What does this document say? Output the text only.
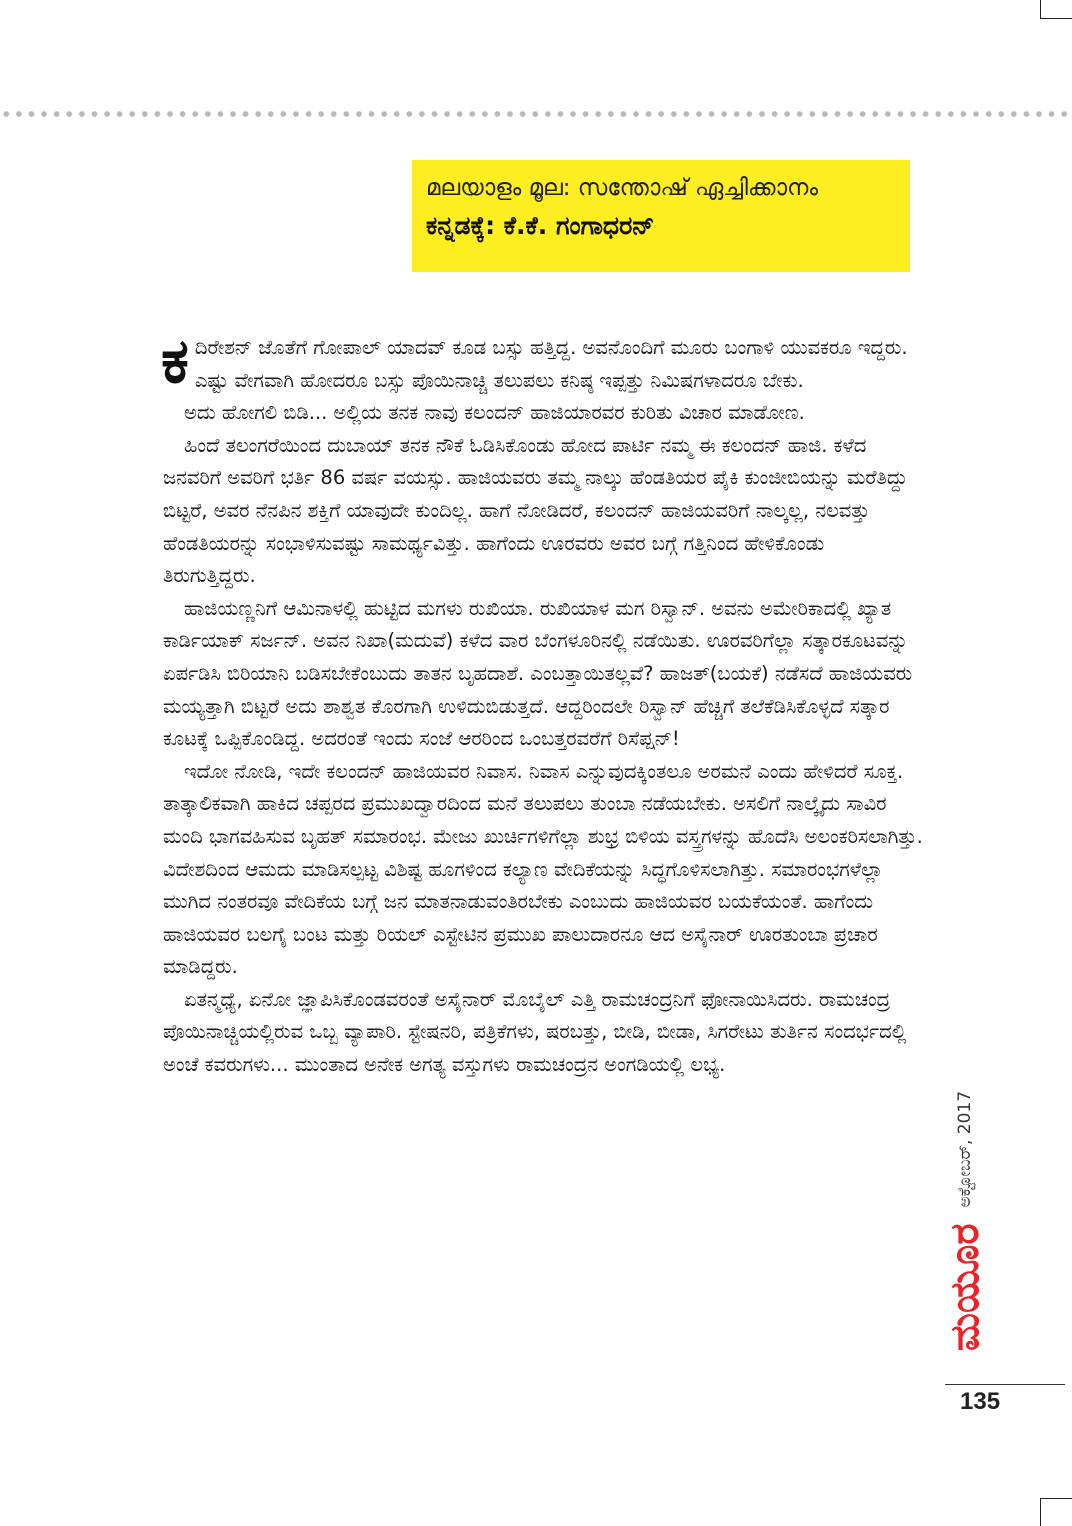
മലയാളം മൂല: സന്തോഷ് ഏച്ചിക്കാനം
ಕನ್ನಡಕ್ಕೆ: ಕೆ.ಕೆ. ಗಂಗಾಧರನ್

ಕದಿರೇಶನ್ ಜೊತೆಗೆ ಗೋಪಾಲ್ ಯಾದವ್ ಕೂಡ ಬಸ್ಸು ಹತ್ತಿದ್ದ. ಅವನೊಂದಿಗೆ ಮೂರು ಬಂಗಾಳಿ ಯುವಕರೂ ಇದ್ದರು. ಎಷ್ಟು ವೇಗವಾಗಿ ಹೋದರೂ ಬಸ್ಸು ಪೊಯಿನಾಚ್ಚಿ ತಲುಪಲು ಕನಿಷ್ಠ ಇಪ್ಪತ್ತು ನಿಮಿಷಗಳಾದರೂ ಬೇಕು.

ಅದು ಹೋಗಲಿ ಬಿಡಿ... ಅಲ್ಲಿಯ ತನಕ ನಾವು ಕಲಂದನ್ ಹಾಜಿಯಾರವರ ಕುರಿತು ವಿಚಾರ ಮಾಡೋಣ.

ಹಿಂದೆ ತಲಂಗರೆಯಿಂದ ದುಬಾಯ್ ತನಕ ನೌಕೆ ಓಡಿಸಿಕೊಂಡು ಹೋದ ಪಾರ್ಟಿ ನಮ್ಮ ಈ ಕಲಂದನ್ ಹಾಜಿ. ಕಳೆದ ಜನವರಿಗೆ ಅವರಿಗೆ ಭರ್ತಿ 86 ವರ್ಷ ವಯಸ್ಸು. ಹಾಜಿಯವರು ತಮ್ಮ ನಾಲ್ಕು ಹೆಂಡತಿಯರ ಪೈಕಿ ಕುಂಜೀಬಿಯನ್ನು ಮರೆತಿದ್ದು ಬಿಟ್ಟರೆ, ಅವರ ನೆನಪಿನ ಶಕ್ತಿಗೆ ಯಾವುದೇ ಕುಂದಿಲ್ಲ. ಹಾಗೆ ನೋಡಿದರೆ, ಕಲಂದನ್ ಹಾಜಿಯವರಿಗೆ ನಾಲ್ಕಲ್ಲ, ನಲವತ್ತು ಹೆಂಡತಿಯರನ್ನು ಸಂಭಾಳಿಸುವಷ್ಟು ಸಾಮರ್ಥ್ಯವಿತ್ತು. ಹಾಗೆಂದು ಊರವರು ಅವರ ಬಗ್ಗೆ ಗತ್ತಿನಿಂದ ಹೇಳಿಕೊಂಡು ತಿರುಗುತ್ತಿದ್ದರು.

ಹಾಜಿಯಣ್ಣನಿಗೆ ಆಮಿನಾಳಲ್ಲಿ ಹುಟ್ಟಿದ ಮಗಳು ರುಖಿಯಾ. ರುಖಿಯಾಳ ಮಗ ರಿಸ್ವಾನ್. ಅವನು ಅಮೇರಿಕಾದಲ್ಲಿ ಖ್ಯಾತ ಕಾರ್ಡಿಯಾಕ್ ಸರ್ಜನ್. ಅವನ ನಿಖಾ(ಮದುವೆ) ಕಳೆದ ವಾರ ಬೆಂಗಳೂರಿನಲ್ಲಿ ನಡೆಯಿತು. ಊರವರಿಗೆಲ್ಲಾ ಸತ್ಕಾರಕೂಟವನ್ನು ಏರ್ಪಡಿಸಿ ಬಿರಿಯಾನಿ ಬಡಿಸಬೇಕೆಂಬುದು ತಾತನ ಬೃಹದಾಶೆ. ಎಂಬತ್ತಾಯಿತಲ್ಲವೆ? ಹಾಜತ್(ಬಯಕೆ) ನಡೆಸದೆ ಹಾಜಿಯವರು ಮಯ್ಯತ್ತಾಗಿ ಬಿಟ್ಟರೆ ಅದು ಶಾಶ್ವತ ಕೊರಗಾಗಿ ಉಳಿದುಬಿಡುತ್ತದೆ. ಆದ್ದರಿಂದಲೇ ರಿಸ್ವಾನ್ ಹೆಚ್ಚಿಗೆ ತಲೆಕೆಡಿಸಿಕೊಳ್ಳದೆ ಸತ್ಕಾರ ಕೂಟಕ್ಕೆ ಒಪ್ಪಿಕೊಂಡಿದ್ದ. ಅದರಂತೆ ಇಂದು ಸಂಜೆ ಆರರಿಂದ ಒಂಬತ್ತರವರೆಗೆ ರಿಸೆಪ್ಷನ್!

ಇದೋ ನೋಡಿ, ಇದೇ ಕಲಂದನ್ ಹಾಜಿಯವರ ನಿವಾಸ. ನಿವಾಸ ಎನ್ನುವುದಕ್ಕಿಂತಲೂ ಅರಮನೆ ಎಂದು ಹೇಳಿದರೆ ಸೂಕ್ತ. ತಾತ್ಕಾಲಿಕವಾಗಿ ಹಾಕಿದ ಚಪ್ಪರದ ಪ್ರಮುಖದ್ವಾರದಿಂದ ಮನೆ ತಲುಪಲು ತುಂಬಾ ನಡೆಯಬೇಕು. ಅಸಲಿಗೆ ನಾಲ್ಕೈದು ಸಾವಿರ ಮಂದಿ ಭಾಗವಹಿಸುವ ಬೃಹತ್ ಸಮಾರಂಭ. ಮೇಜು ಖುರ್ಚಿಗಳಿಗೆಲ್ಲಾ ಶುಭ್ರ ಬಿಳಿಯ ವಸ್ತ್ರಗಳನ್ನು ಹೊದೆಸಿ ಅಲಂಕರಿಸಲಾಗಿತ್ತು. ವಿದೇಶದಿಂದ ಆಮದು ಮಾಡಿಸಲ್ಪಟ್ಟ ವಿಶಿಷ್ಟ ಹೂಗಳಿಂದ ಕಲ್ಯಾಣ ವೇದಿಕೆಯನ್ನು ಸಿದ್ಧಗೊಳಿಸಲಾಗಿತ್ತು. ಸಮಾರಂಭಗಳೆಲ್ಲಾ ಮುಗಿದ ನಂತರವೂ ವೇದಿಕೆಯ ಬಗ್ಗೆ ಜನ ಮಾತನಾಡುವಂತಿರಬೇಕು ಎಂಬುದು ಹಾಜಿಯವರ ಬಯಕೆಯಂತೆ. ಹಾಗೆಂದು ಹಾಜಿಯವರ ಬಲಗೈ ಬಂಟ ಮತ್ತು ರಿಯಲ್ ಎಸ್ಟೇಟಿನ ಪ್ರಮುಖ ಪಾಲುದಾರನೂ ಆದ ಅಸೈನಾರ್ ಊರತುಂಬಾ ಪ್ರಚಾರ ಮಾಡಿದ್ದರು.

ಏತನ್ಮಧ್ಯೆ, ಏನೋ ಜ್ಞಾಪಿಸಿಕೊಂಡವರಂತೆ ಅಸೈನಾರ್ ಮೊಬೈಲ್ ಎತ್ತಿ ರಾಮಚಂದ್ರನಿಗೆ ಫೋನಾಯಿಸಿದರು. ರಾಮಚಂದ್ರ ಪೊಯಿನಾಚ್ಚಿಯಲ್ಲಿರುವ ಒಬ್ಬ ವ್ಯಾಪಾರಿ. ಸ್ಟೇಷನರಿ, ಪತ್ರಿಕೆಗಳು, ಷರಬತ್ತು, ಬೀಡಿ, ಬೀಡಾ, ಸಿಗರೇಟು ತುರ್ತಿನ ಸಂದರ್ಭದಲ್ಲಿ ಅಂಚೆ ಕವರುಗಳು... ಮುಂತಾದ ಅನೇಕ ಅಗತ್ಯ ವಸ್ತುಗಳು ರಾಮಚಂದ್ರನ ಅಂಗಡಿಯಲ್ಲಿ ಲಭ್ಯ.

ಮಯೂರ
ಅಕ್ಟೋಬರ್, 2017
135
